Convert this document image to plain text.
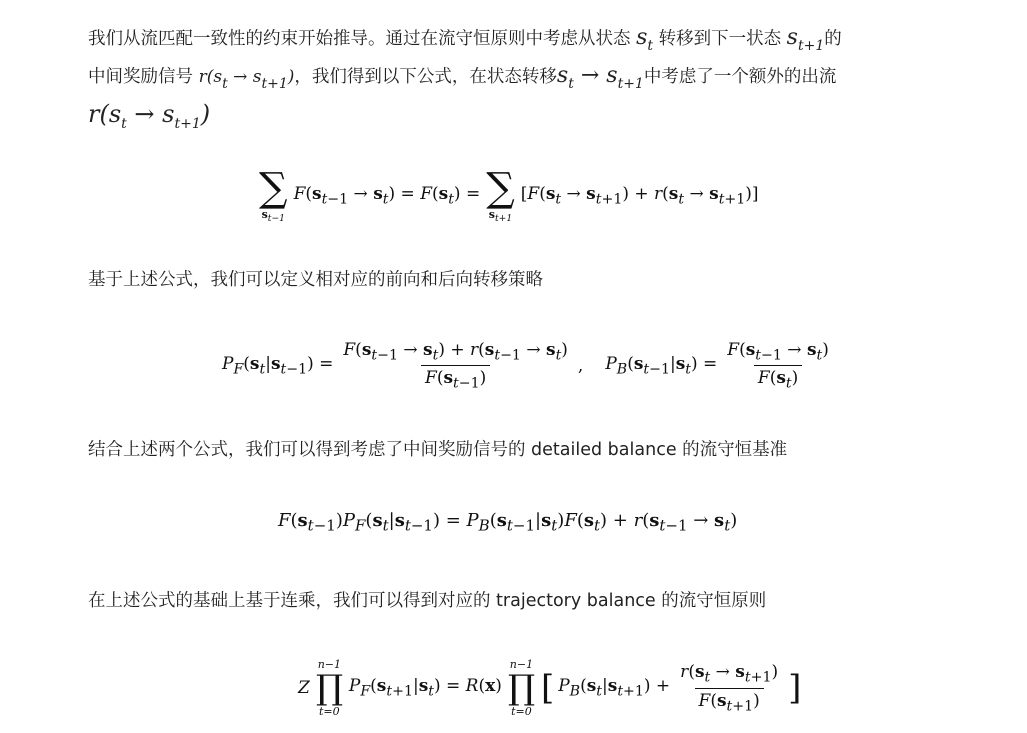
我们从流匹配一致性的约束开始推导。通过在流守恒原则中考虑从状态 $s_t$ 转移到下一状态 $s_{t+1}$的
中间奖励信号 $r(s_t \to s_{t+1})$，我们得到以下公式，在状态转移$s_t \to s_{t+1}$中考虑了一个额外的出流
$r(s_t \to s_{t+1})$
∑
$s_{t-1}$
$F(s_{t-1} \to s_t) = F(s_t)$ = ∑
$s_{t+1}$
$[F(s_t \to s_{t+1}) + r(s_t \to s_{t+1})]$
基于上述公式，我们可以定义相对应的前向和后向转移策略
$P_F(s_t|s_{t-1}) = \frac{F(s_{t-1} \to s_t) + r(s_{t-1} \to s_t)}{F(s_{t-1})}$ , $P_B(s_{t-1}|s_t) = \frac{F(s_{t-1} \to s_t)}{F(s_t)}$
结合上述两个公式，我们可以得到考虑了中间奖励信号的 detailed balance 的流守恒基准
$F(s_{t-1})P_F(s_t|s_{t-1}) = P_B(s_{t-1}|s_t)F(s_t) + r(s_{t-1} \to s_t)$
在上述公式的基础上基于连乘，我们可以得到对应的 trajectory balance 的流守恒原则
Z
n−1
∏
t=0
$P_F(s_{t+1}|s_t) = R(x)$
n−1
∏
t=0
[ $P_B(s_t|s_{t+1}) + \frac{r(s_t \to s_{t+1})}{F(s_{t+1})}$ ]
